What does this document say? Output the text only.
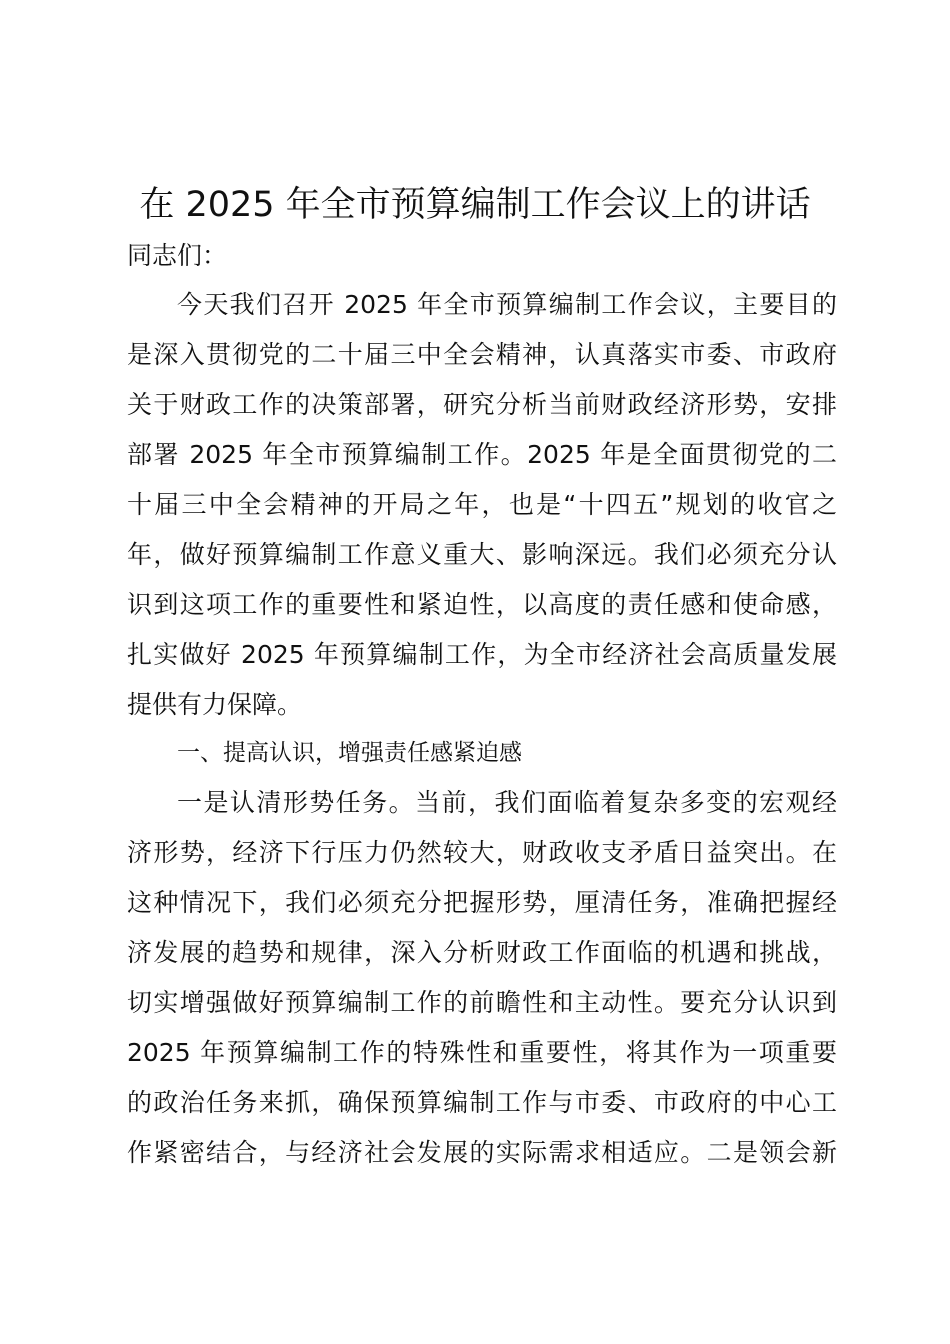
在 2025 年全市预算编制工作会议上的讲话
同志们：
今天我们召开 2025 年全市预算编制工作会议，主要目的
是深入贯彻党的二十届三中全会精神，认真落实市委、市政府
关于财政工作的决策部署，研究分析当前财政经济形势，安排
部署 2025 年全市预算编制工作。2025 年是全面贯彻党的二
十届三中全会精神的开局之年，也是“十四五”规划的收官之
年，做好预算编制工作意义重大、影响深远。我们必须充分认
识到这项工作的重要性和紧迫性，以高度的责任感和使命感，
扎实做好 2025 年预算编制工作，为全市经济社会高质量发展
提供有力保障。
一、提高认识，增强责任感紧迫感
一是认清形势任务。当前，我们面临着复杂多变的宏观经
济形势，经济下行压力仍然较大，财政收支矛盾日益突出。在
这种情况下，我们必须充分把握形势，厘清任务，准确把握经
济发展的趋势和规律，深入分析财政工作面临的机遇和挑战，
切实增强做好预算编制工作的前瞻性和主动性。要充分认识到
2025 年预算编制工作的特殊性和重要性，将其作为一项重要
的政治任务来抓，确保预算编制工作与市委、市政府的中心工
作紧密结合，与经济社会发展的实际需求相适应。二是领会新
